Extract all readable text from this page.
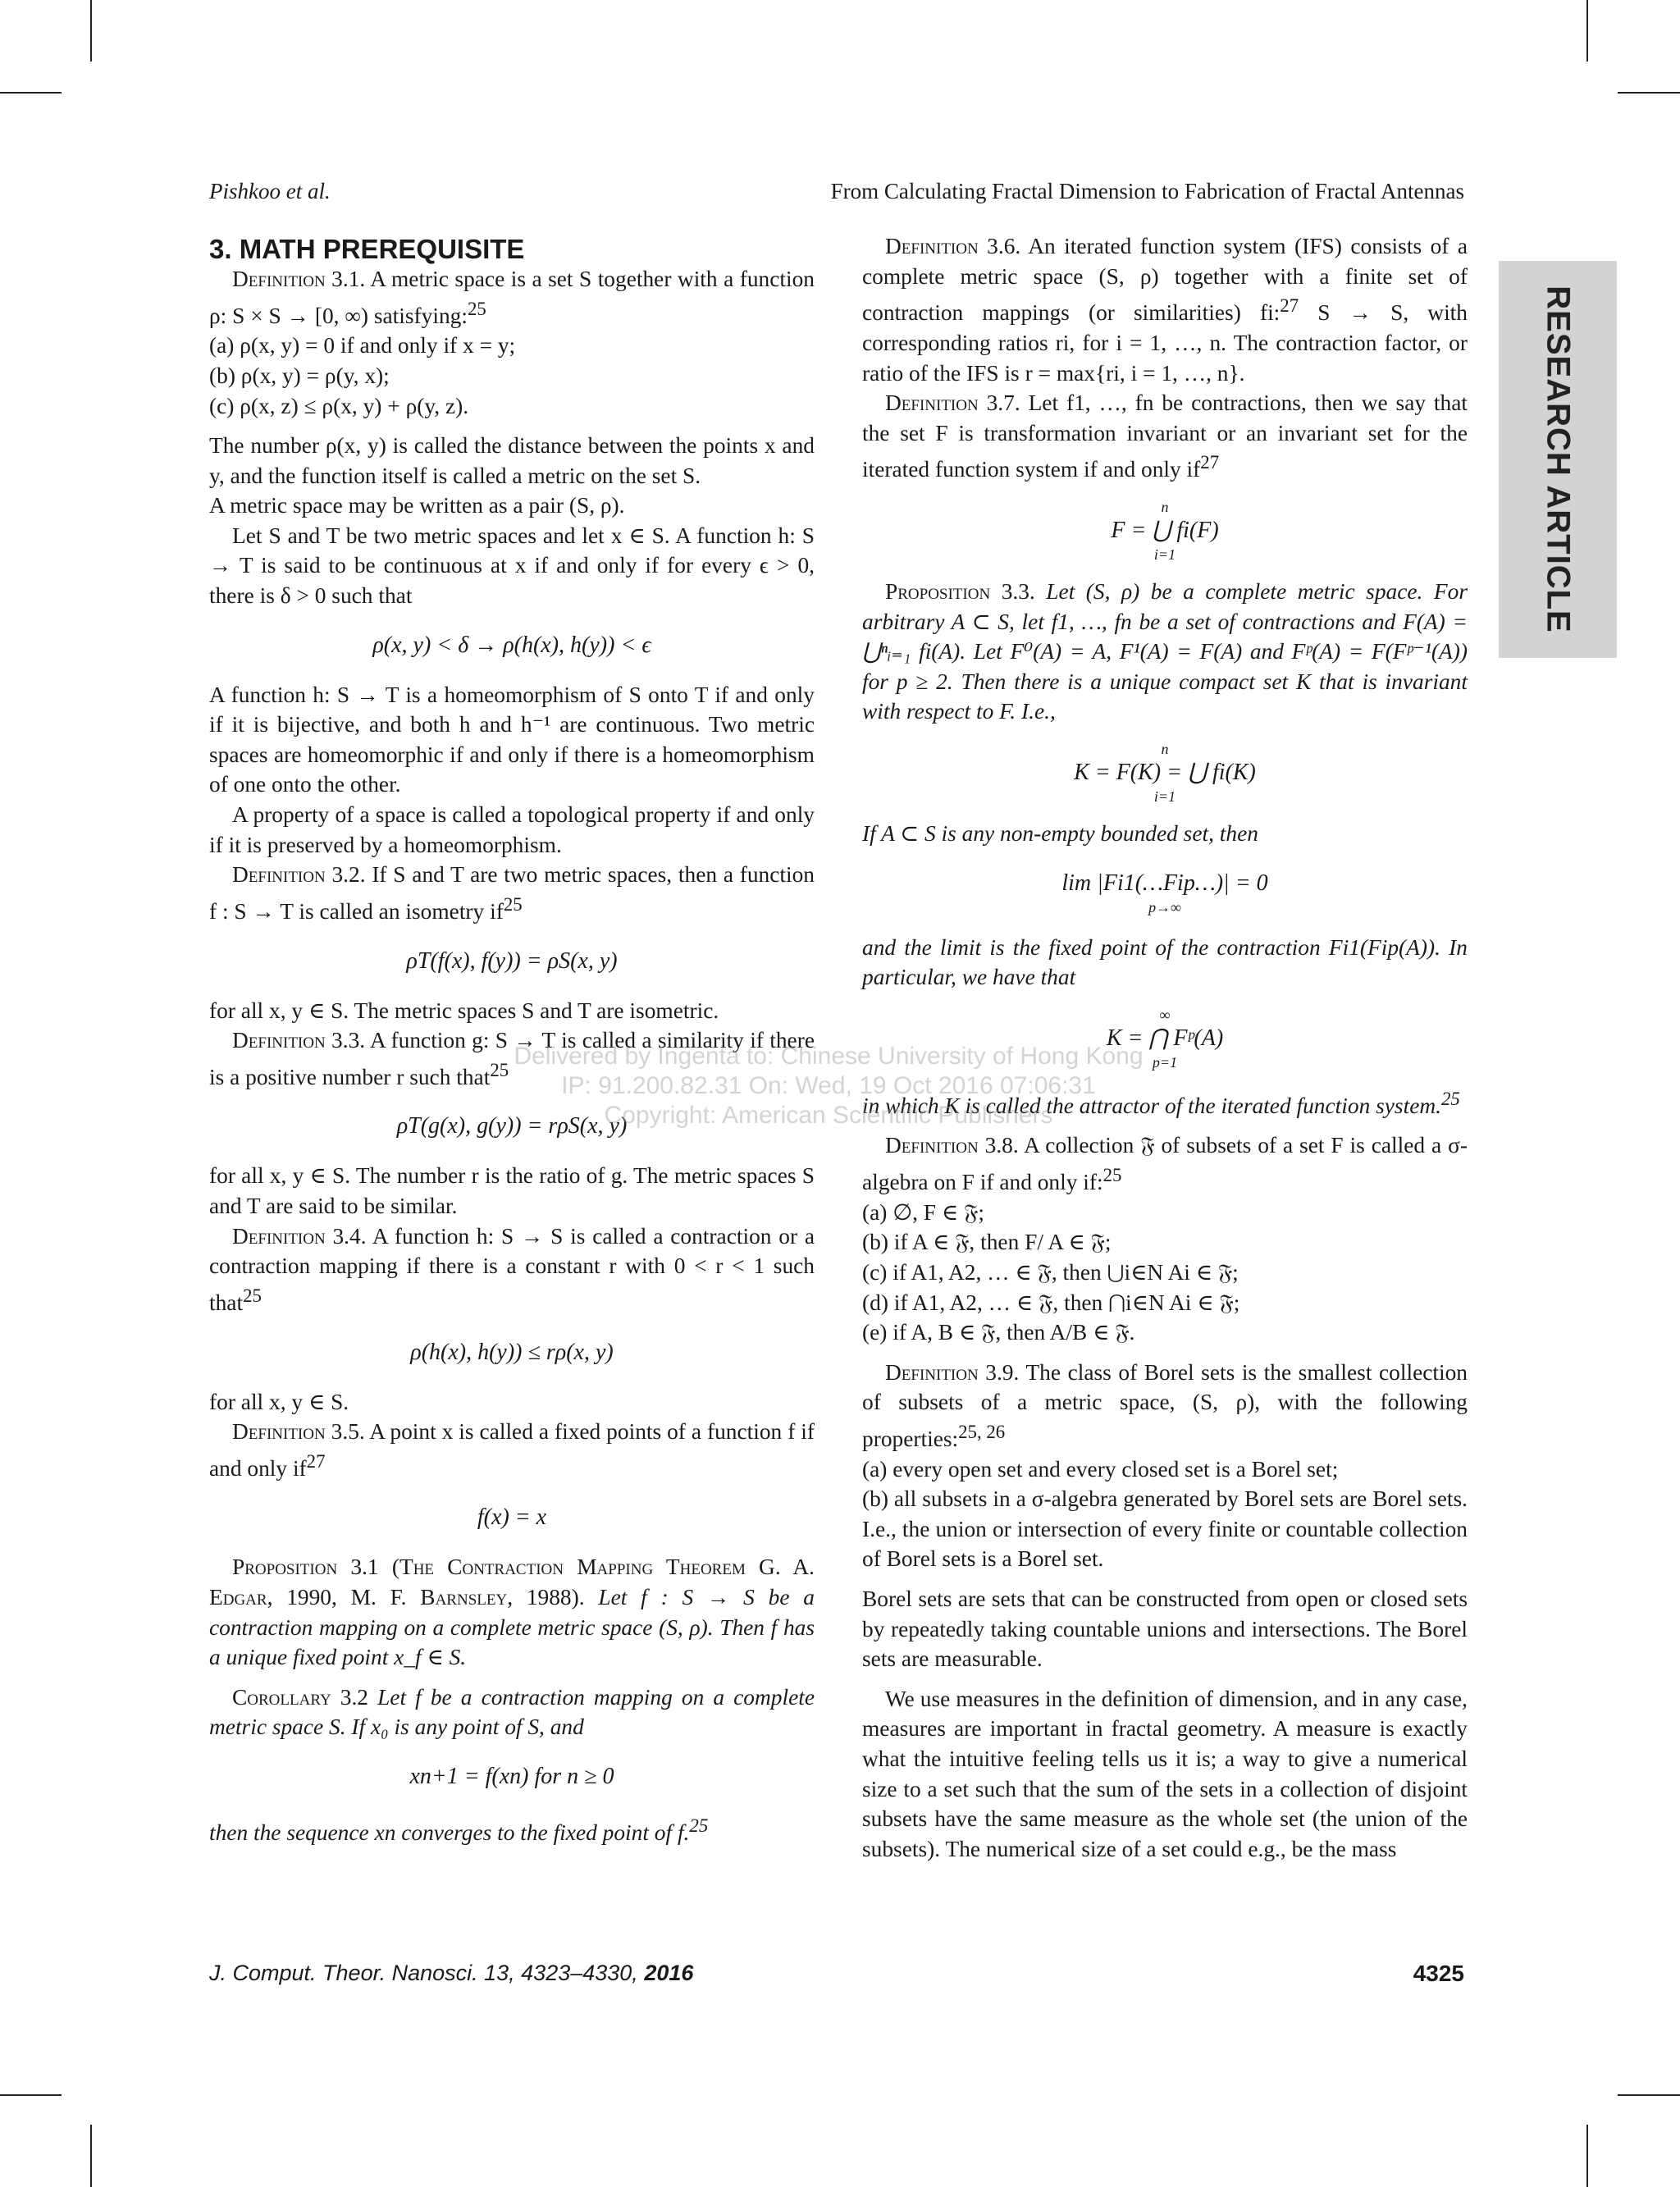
Pishkoo et al.	From Calculating Fractal Dimension to Fabrication of Fractal Antennas
RESEARCH ARTICLE
3. MATH PREREQUISITE

Definition 3.1. A metric space is a set S together with a function ρ: S × S → [0, ∞) satisfying:$^{25}$

(a) ρ(x, y) = 0 if and only if x = y;

(b) ρ(x, y) = ρ(y, x);

(c) ρ(x, z) ≤ ρ(x, y) + ρ(y, z).

The number ρ(x, y) is called the distance between the points x and y, and the function itself is called a metric on the set S.

A metric space may be written as a pair (S, ρ).

Let S and T be two metric spaces and let x ∈ S. A function h: S → T is said to be continuous at x if and only if for every ϵ > 0, there is δ > 0 such that

ρ(x, y) < δ → ρ(h(x), h(y)) < ϵ

A function h: S → T is a homeomorphism of S onto T if and only if it is bijective, and both h and h⁻¹ are continuous. Two metric spaces are homeomorphic if and only if there is a homeomorphism of one onto the other.

A property of a space is called a topological property if and only if it is preserved by a homeomorphism.

Definition 3.2. If S and T are two metric spaces, then a function f : S → T is called an isometry $if^{25}$

ρT(f(x), f(y)) = ρS(x, y)

for all x, y ∈ S. The metric spaces S and T are isometric.

Definition 3.3. A function g: S → T is called a similarity if there is a positive number r such that$^{25}$

ρT(g(x), g(y)) = rρS(x, y)

for all x, y ∈ S. The number r is the ratio of g. The metric spaces S and T are said to be similar.

Definition 3.4. A function h: S → S is called a contraction or a contraction mapping if there is a constant r with 0 < r < 1 such that$^{25}$

ρ(h(x), h(y)) ≤ rρ(x, y)

for all x, y ∈ S.

Definition 3.5. A point x is called a fixed points of a function f if and only $if^{27}$

f(x) = x

Proposition 3.1 (The Contraction Mapping Theorem G. A. Edgar, 1990, M. F. Barnsley, 1988). Let f : S → S be a contraction mapping on a complete metric space (S, ρ). Then f has a unique fixed point x_f ∈ S.

Corollary 3.2 Let f be a contraction mapping on a complete metric space S. If x₀ is any point of S, and

xn+1 = f(xn) for n ≥ 0

then the sequence xn converges to the fixed point of f.$^{25}$

Definition 3.6. An iterated function system (IFS) consists of a complete metric space (S, ρ) together with a finite set of contraction mappings (or similarities) fi:$^{27}$ S → S, with corresponding ratios ri, for i = 1, …, n. The contraction factor, or ratio of the IFS is r = max{ri, i = 1, …, n}.

Definition 3.7. Let f1, …, fn be contractions, then we say that the set F is transformation invariant or an invariant set for the iterated function system if and only $if^{27}$

n
F = ⋃ fi(F)
i=1

Proposition 3.3. Let (S, ρ) be a complete metric space. For arbitrary A ⊂ S, let f1, …, fn be a set of contractions and F(A) = ⋃ⁿᵢ₌₁ fi(A). Let F⁰(A) = A, F¹(A) = F(A) and Fᵖ(A) = F(Fᵖ⁻¹(A)) for p ≥ 2. Then there is a unique compact set K that is invariant with respect to F. I.e.,

n
K = F(K) = ⋃ fi(K)
i=1

If A ⊂ S is any non-empty bounded set, then

lim |Fi1(…Fip…)| = 0
p→∞

and the limit is the fixed point of the contraction Fi1(Fip(A)). In particular, we have that

∞
K = ⋂ Fᵖ(A)
p=1

in which K is called the attractor of the iterated function system.$^{25}$

Definition 3.8. A collection 𝔉 of subsets of a set F is called a σ-algebra on F if and only if:$^{25}$

(a) ∅, F ∈ 𝔉;

(b) if A ∈ 𝔉, then F/ A ∈ 𝔉;

(c) if A1, A2, … ∈ 𝔉, then ⋃i∈N Ai ∈ 𝔉;

(d) if A1, A2, … ∈ 𝔉, then ⋂i∈N Ai ∈ 𝔉;

(e) if A, B ∈ 𝔉, then A/B ∈ 𝔉.

Definition 3.9. The class of Borel sets is the smallest collection of subsets of a metric space, (S, ρ), with the following properties:$^{25, 26}$

(a) every open set and every closed set is a Borel set;

(b) all subsets in a σ-algebra generated by Borel sets are Borel sets. I.e., the union or intersection of every finite or countable collection of Borel sets is a Borel set.

Borel sets are sets that can be constructed from open or closed sets by repeatedly taking countable unions and intersections. The Borel sets are measurable.

We use measures in the definition of dimension, and in any case, measures are important in fractal geometry. A measure is exactly what the intuitive feeling tells us it is; a way to give a numerical size to a set such that the sum of the sets in a collection of disjoint subsets have the same measure as the whole set (the union of the subsets). The numerical size of a set could e.g., be the mass

Delivered by Ingenta to: Chinese University of Hong Kong
IP: 91.200.82.31 On: Wed, 19 Oct 2016 07:06:31
Copyright: American Scientific Publishers
J. Comput. Theor. Nanosci. 13, 4323–4330, 2016	4325
